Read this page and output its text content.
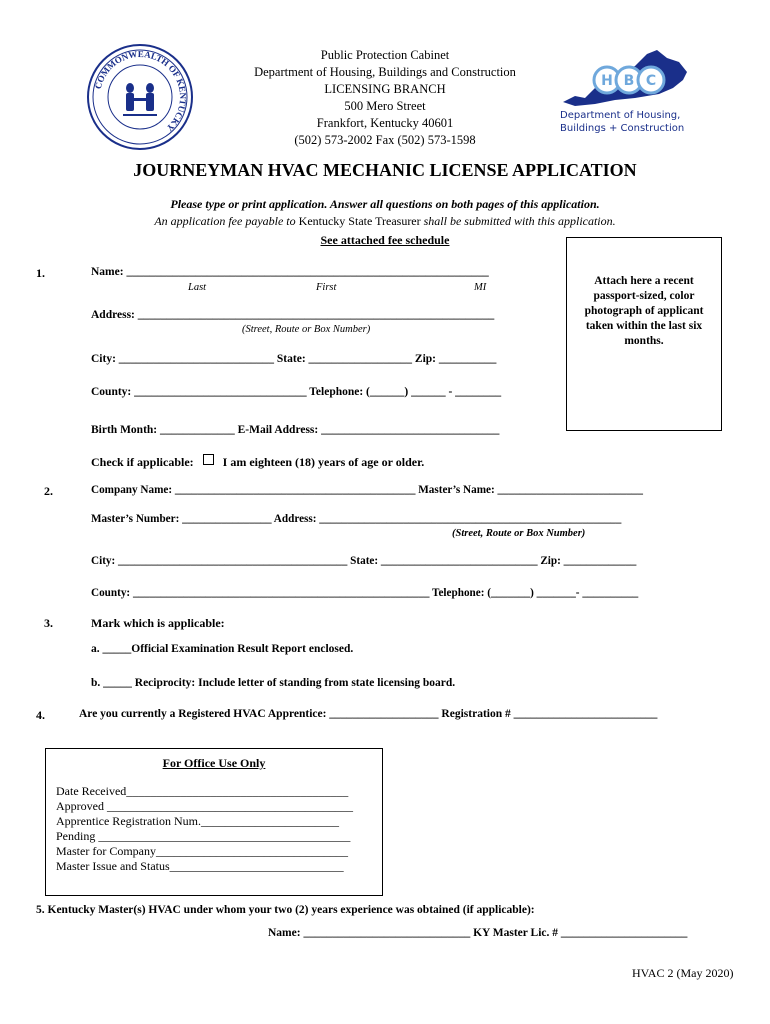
COMMONWEALTH OF KENTUCKY
Public Protection Cabinet
Department of Housing, Buildings and Construction
LICENSING BRANCH
500 Mero Street
Frankfort, Kentucky 40601
(502) 573-2002 Fax (502) 573-1598
H B C
Department of Housing,
Buildings + Construction
JOURNEYMAN HVAC MECHANIC LICENSE APPLICATION
Please type or print application. Answer all questions on both pages of this application.
An application fee payable to Kentucky State Treasurer shall be submitted with this application.
See attached fee schedule
Attach here a recent passport-sized, color photograph of applicant taken within the last six months.
1.	Name: _______________________________________________________________
Last	First	MI
Address: ______________________________________________________________
(Street, Route or Box Number)
City: ___________________________ State: __________________ Zip: __________
County: ______________________________ Telephone: (______) ______ - ________
Birth Month: _____________ E-Mail Address: _______________________________
Check if applicable: I am eighteen (18) years of age or older.
2.	Company Name: ___________________________________________ Master’s Name: __________________________
Master’s Number: ________________ Address: ______________________________________________________
(Street, Route or Box Number)
City: _________________________________________ State: ____________________________ Zip: _____________
County: _____________________________________________________ Telephone: (_______) _______- __________
3.	Mark which is applicable:
a. _____Official Examination Result Report enclosed.
b. _____ Reciprocity: Include letter of standing from state licensing board.
4.	Are you currently a Registered HVAC Apprentice: ___________________ Registration # _________________________
For Office Use Only
Date Received_____________________________________
Approved _________________________________________
Apprentice Registration Num._______________________
Pending __________________________________________
Master for Company________________________________
Master Issue and Status_____________________________
5. Kentucky Master(s) HVAC under whom your two (2) years experience was obtained (if applicable):
Name: _____________________________ KY Master Lic. # ______________________
HVAC 2 (May 2020)
